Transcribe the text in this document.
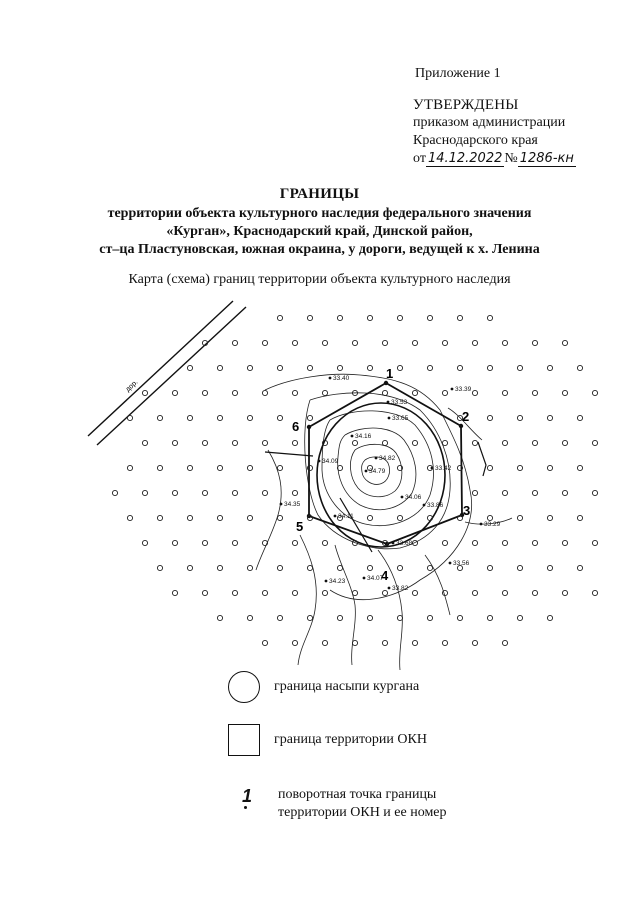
Приложение 1
УТВЕРЖДЕНЫ
приказом администрации
Краснодарского края
от 14.12.2022 № 1286-кн

ГРАНИЦЫ

территории объекта культурного наследия федерального значения

«Курган», Краснодарский край, Динской район,

ст–ца Пластуновская, южная окраина, у дороги, ведущей к х. Ленина

Карта (схема) границ территории объекта культурного наследия
дор.
1
2
3
4
5
6
33.40
33.39
33.53
33.65
34.16
34.82
34.09
34.79	33.42
34.06
33.86
34.35
34.11
33.29
33.68
33.56
34.07
33.82
34.23
граница насыпи кургана
граница территории ОКН
1 поворотная точка границы
территории ОКН и ее номер
